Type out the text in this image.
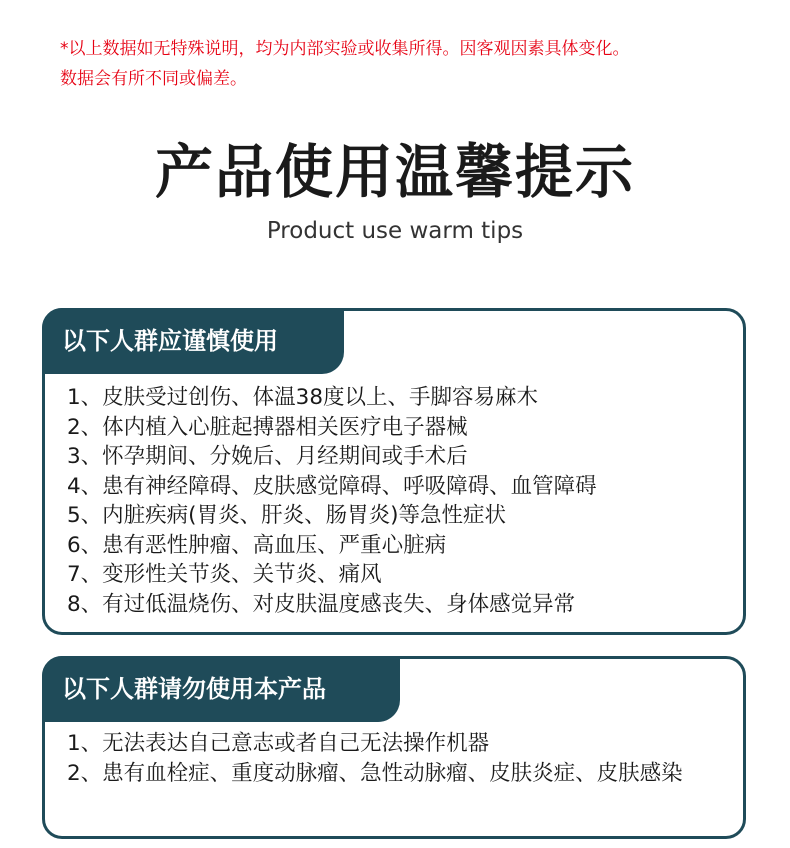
*以上数据如无特殊说明，均为内部实验或收集所得。因客观因素具体变化。
数据会有所不同或偏差。
产品使用温馨提示
Product use warm tips
以下人群应谨慎使用
1、皮肤受过创伤、体温38度以上、手脚容易麻木
2、体内植入心脏起搏器相关医疗电子器械
3、怀孕期间、分娩后、月经期间或手术后
4、患有神经障碍、皮肤感觉障碍、呼吸障碍、血管障碍
5、内脏疾病(胃炎、肝炎、肠胃炎)等急性症状
6、患有恶性肿瘤、高血压、严重心脏病
7、变形性关节炎、关节炎、痛风
8、有过低温烧伤、对皮肤温度感丧失、身体感觉异常
以下人群请勿使用本产品
1、无法表达自己意志或者自己无法操作机器
2、患有血栓症、重度动脉瘤、急性动脉瘤、皮肤炎症、皮肤感染
